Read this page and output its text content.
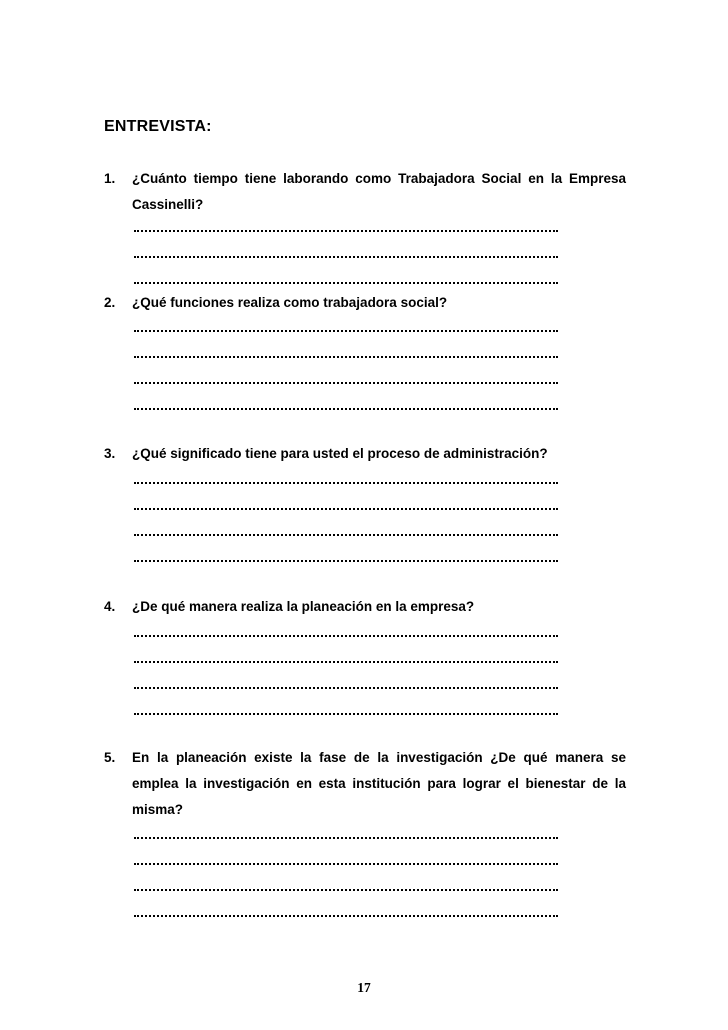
ENTREVISTA:
1.	¿Cuánto tiempo tiene laborando como Trabajadora Social en la Empresa Cassinelli?
2.	¿Qué funciones realiza como trabajadora social?
3.	¿Qué significado tiene para usted el proceso de administración?
4.	¿De qué manera realiza la planeación en la empresa?
5.	En la planeación existe la fase de la investigación ¿De qué manera se emplea la investigación en esta institución para lograr el bienestar de la misma?
17
